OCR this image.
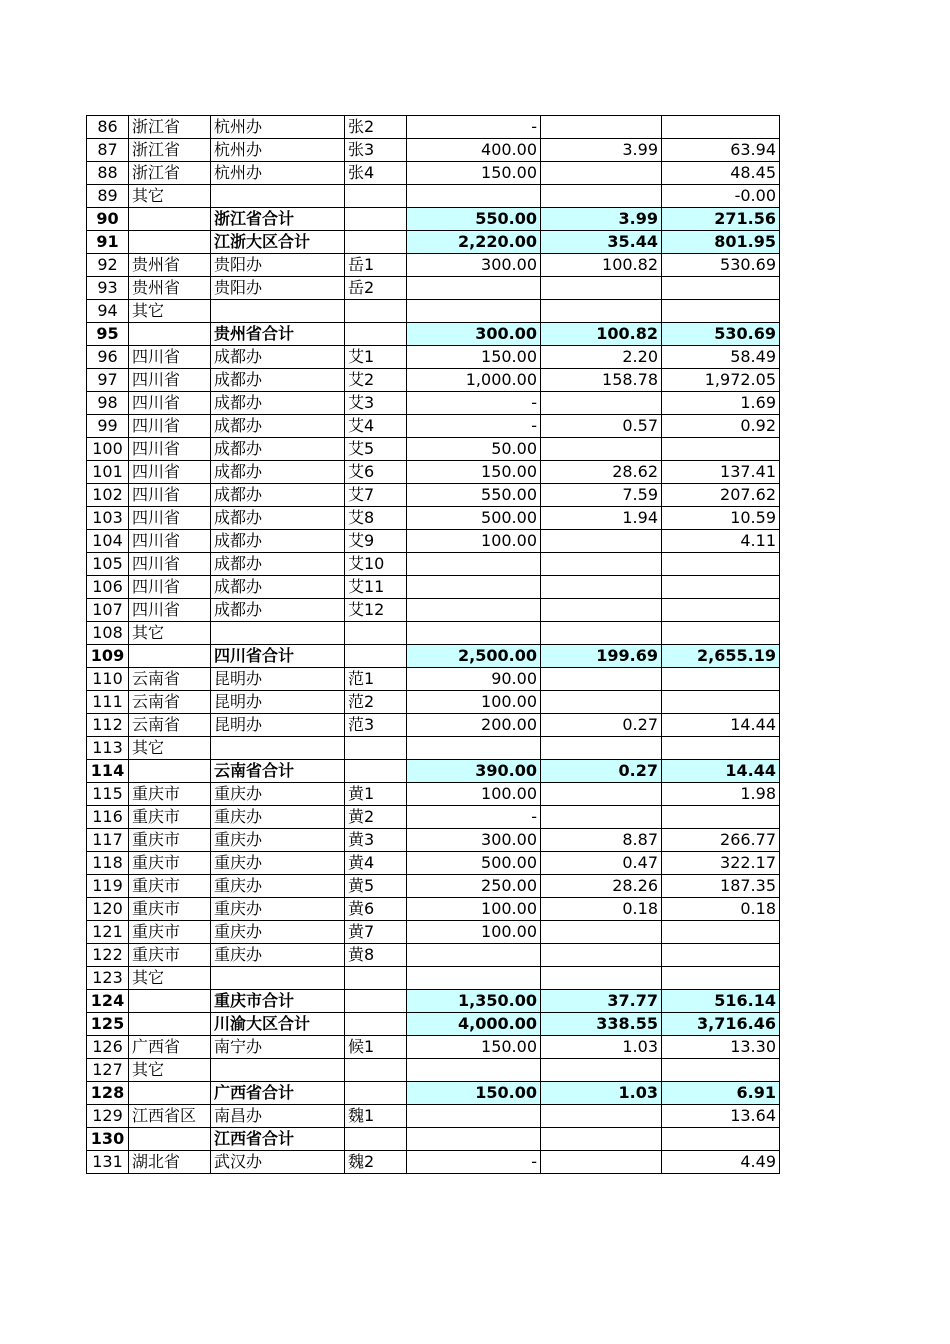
86	浙江省	杭州办	张2	-		
87	浙江省	杭州办	张3	400.00	3.99	63.94
88	浙江省	杭州办	张4	150.00		48.45
89	其它					-0.00
90		浙江省合计		550.00	3.99	271.56
91		江浙大区合计		2,220.00	35.44	801.95
92	贵州省	贵阳办	岳1	300.00	100.82	530.69
93	贵州省	贵阳办	岳2			
94	其它					
95		贵州省合计		300.00	100.82	530.69
96	四川省	成都办	艾1	150.00	2.20	58.49
97	四川省	成都办	艾2	1,000.00	158.78	1,972.05
98	四川省	成都办	艾3	-		1.69
99	四川省	成都办	艾4	-	0.57	0.92
100	四川省	成都办	艾5	50.00		
101	四川省	成都办	艾6	150.00	28.62	137.41
102	四川省	成都办	艾7	550.00	7.59	207.62
103	四川省	成都办	艾8	500.00	1.94	10.59
104	四川省	成都办	艾9	100.00		4.11
105	四川省	成都办	艾10			
106	四川省	成都办	艾11			
107	四川省	成都办	艾12			
108	其它					
109		四川省合计		2,500.00	199.69	2,655.19
110	云南省	昆明办	范1	90.00		
111	云南省	昆明办	范2	100.00		
112	云南省	昆明办	范3	200.00	0.27	14.44
113	其它					
114		云南省合计		390.00	0.27	14.44
115	重庆市	重庆办	黄1	100.00		1.98
116	重庆市	重庆办	黄2	-		
117	重庆市	重庆办	黄3	300.00	8.87	266.77
118	重庆市	重庆办	黄4	500.00	0.47	322.17
119	重庆市	重庆办	黄5	250.00	28.26	187.35
120	重庆市	重庆办	黄6	100.00	0.18	0.18
121	重庆市	重庆办	黄7	100.00		
122	重庆市	重庆办	黄8			
123	其它					
124		重庆市合计		1,350.00	37.77	516.14
125		川渝大区合计		4,000.00	338.55	3,716.46
126	广西省	南宁办	候1	150.00	1.03	13.30
127	其它					
128		广西省合计		150.00	1.03	6.91
129	江西省区	南昌办	魏1			13.64
130		江西省合计				
131	湖北省	武汉办	魏2	-		4.49
